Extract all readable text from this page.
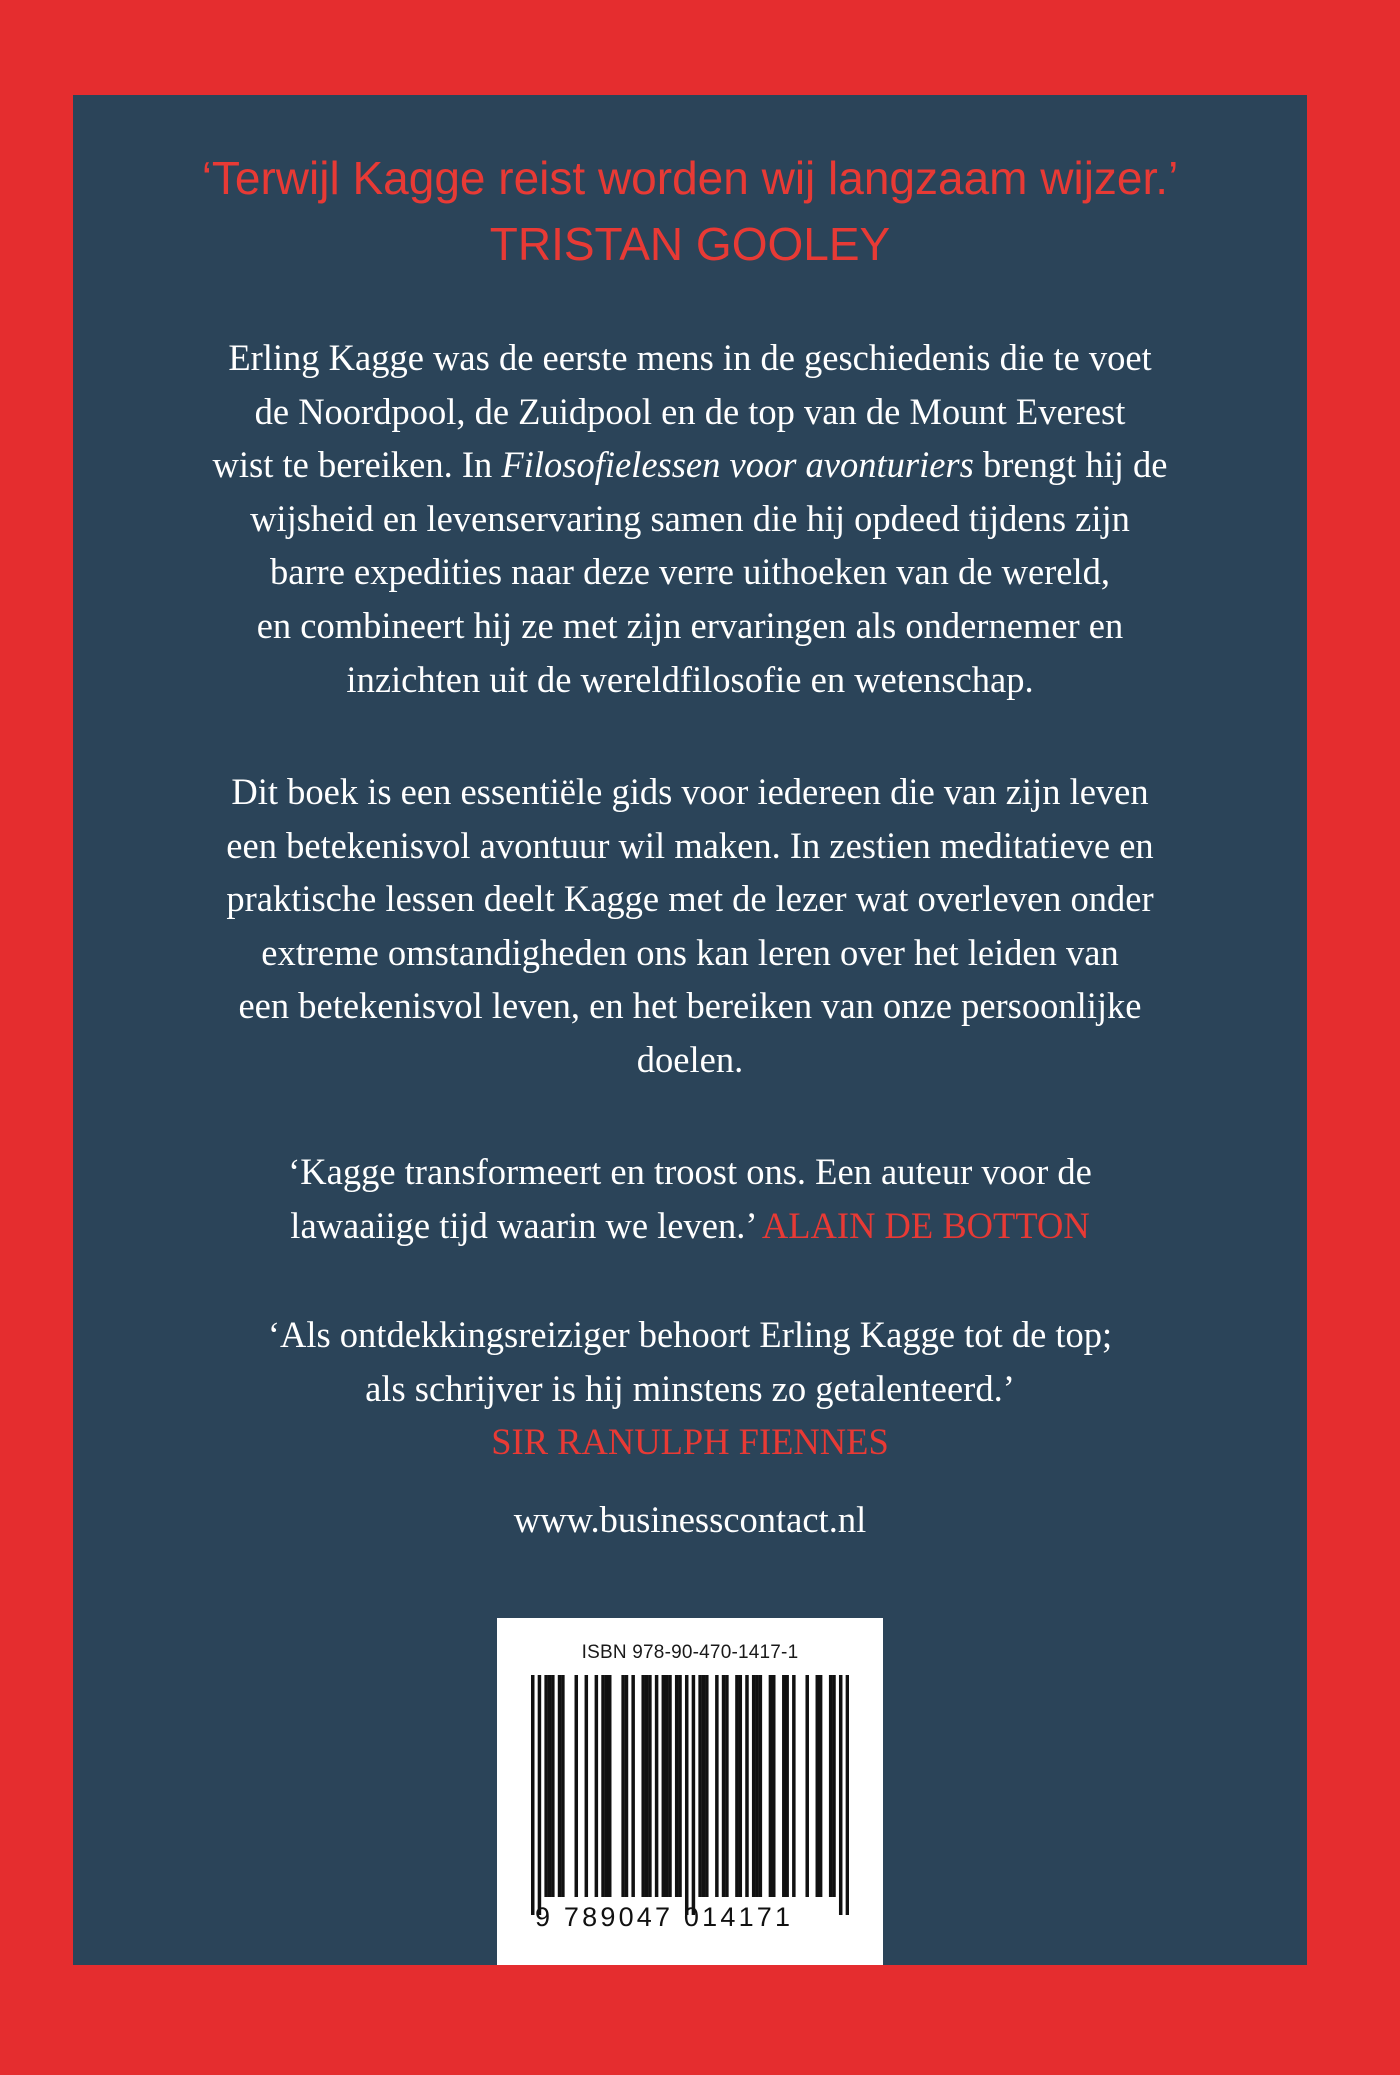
‘Terwijl Kagge reist worden wij langzaam wijzer.’
TRISTAN GOOLEY
Erling Kagge was de eerste mens in de geschiedenis die te voet
de Noordpool, de Zuidpool en de top van de Mount Everest
wist te bereiken. In Filosofielessen voor avonturiers brengt hij de
wijsheid en levenservaring samen die hij opdeed tijdens zijn
barre expedities naar deze verre uithoeken van de wereld,
en combineert hij ze met zijn ervaringen als ondernemer en
inzichten uit de wereldfilosofie en wetenschap.
Dit boek is een essentiële gids voor iedereen die van zijn leven
een betekenisvol avontuur wil maken. In zestien meditatieve en
praktische lessen deelt Kagge met de lezer wat overleven onder
extreme omstandigheden ons kan leren over het leiden van
een betekenisvol leven, en het bereiken van onze persoonlijke
doelen.
‘Kagge transformeert en troost ons. Een auteur voor de
lawaaiige tijd waarin we leven.’ ALAIN DE BOTTON
‘Als ontdekkingsreiziger behoort Erling Kagge tot de top;
als schrijver is hij minstens zo getalenteerd.’
SIR RANULPH FIENNES
www.businesscontact.nl
ISBN 978-90-470-1417-1
9 789047 014171
